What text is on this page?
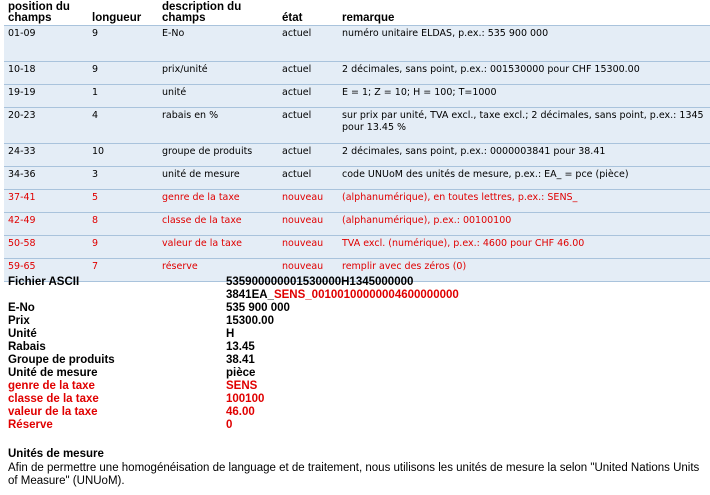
position du champs	longueur	description du champs	état	remarque
01-09	9	E-No	actuel	numéro unitaire ELDAS, p.ex.: 535 900 000
10-18	9	prix/unité	actuel	2 décimales, sans point, p.ex.: 001530000 pour CHF 15300.00
19-19	1	unité	actuel	E = 1; Z = 10; H = 100; T=1000
20-23	4	rabais en %	actuel	sur prix par unité, TVA excl., taxe excl.; 2 décimales, sans point, p.ex.: 1345 pour 13.45 %
24-33	10	groupe de produits	actuel	2 décimales, sans point, p.ex.: 0000003841 pour 38.41
34-36	3	unité de mesure	actuel	code UNUoM des unités de mesure, p.ex.: EA_ = pce (pièce)
37-41	5	genre de la taxe	nouveau	(alphanumérique), en toutes lettres, p.ex.: SENS_
42-49	8	classe de la taxe	nouveau	(alphanumérique), p.ex.: 00100100
50-58	9	valeur de la taxe	nouveau	TVA excl. (numérique), p.ex.: 4600 pour CHF 46.00
59-65	7	réserve	nouveau	remplir avec des zéros (0)
Fichier ASCII	535900000001530000H1345000000
3841EA_SENS_00100100000004600000000
E-No	535 900 000
Prix	15300.00
Unité	H
Rabais	13.45
Groupe de produits	38.41
Unité de mesure	pièce
genre de la taxe	SENS
classe de la taxe	100100
valeur de la taxe	46.00
Réserve	0
Unités de mesure
Afin de permettre une homogénéisation de language et de traitement, nous utilisons les unités de mesure la selon "United Nations Units of Measure" (UNUoM).
